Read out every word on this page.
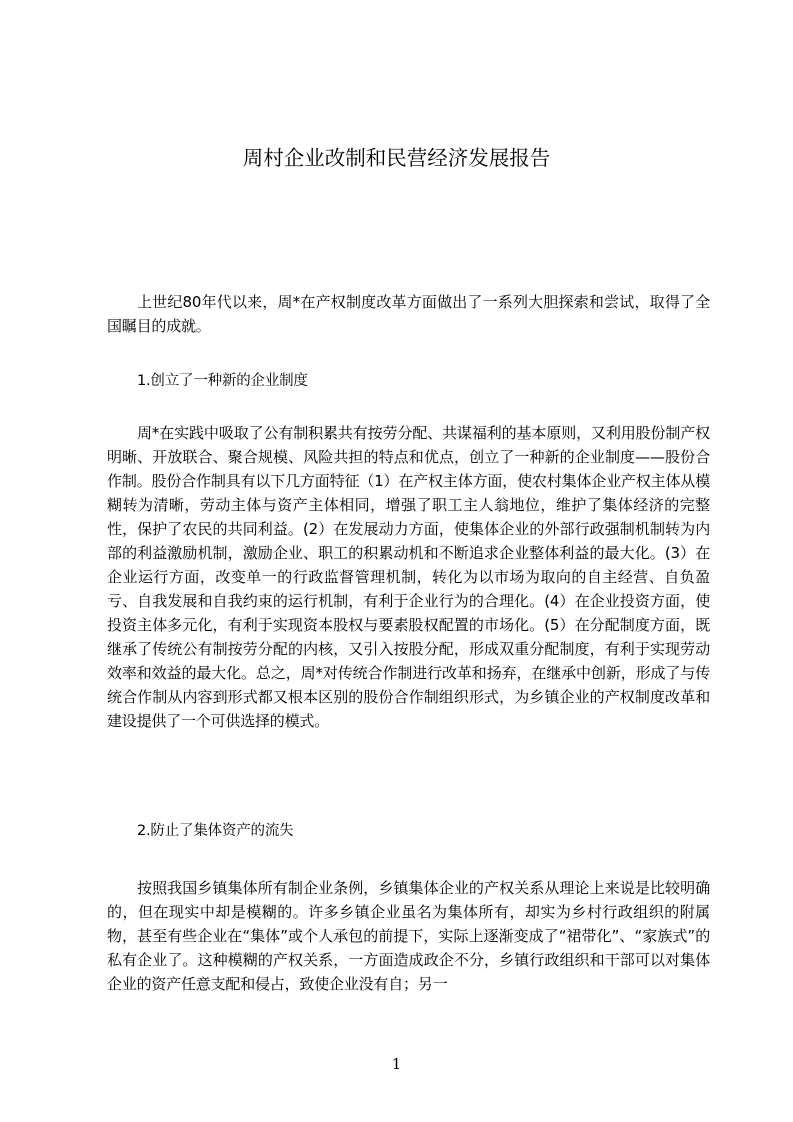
周村企业改制和民营经济发展报告

上世纪80年代以来，周*在产权制度改革方面做出了一系列大胆探索和尝试，取得了全国瞩目的成就。

1.创立了一种新的企业制度

周*在实践中吸取了公有制积累共有按劳分配、共谋福利的基本原则，又利用股份制产权明晰、开放联合、聚合规模、风险共担的特点和优点，创立了一种新的企业制度——股份合作制。股份合作制具有以下几方面特征（1）在产权主体方面，使农村集体企业产权主体从模糊转为清晰，劳动主体与资产主体相同，增强了职工主人翁地位，维护了集体经济的完整性，保护了农民的共同利益。(2）在发展动力方面，使集体企业的外部行政强制机制转为内部的利益激励机制，激励企业、职工的积累动机和不断追求企业整体利益的最大化。(3）在企业运行方面，改变单一的行政监督管理机制，转化为以市场为取向的自主经营、自负盈亏、自我发展和自我约束的运行机制，有利于企业行为的合理化。(4）在企业投资方面，使投资主体多元化，有利于实现资本股权与要素股权配置的市场化。(5）在分配制度方面，既继承了传统公有制按劳分配的内核，又引入按股分配，形成双重分配制度，有利于实现劳动效率和效益的最大化。总之，周*对传统合作制进行改革和扬弃，在继承中创新，形成了与传统合作制从内容到形式都又根本区别的股份合作制组织形式，为乡镇企业的产权制度改革和建设提供了一个可供选择的模式。

2.防止了集体资产的流失

按照我国乡镇集体所有制企业条例，乡镇集体企业的产权关系从理论上来说是比较明确的，但在现实中却是模糊的。许多乡镇企业虽名为集体所有，却实为乡村行政组织的附属物，甚至有些企业在“集体”或个人承包的前提下，实际上逐渐变成了“裙带化”、“家族式”的私有企业了。这种模糊的产权关系，一方面造成政企不分，乡镇行政组织和干部可以对集体企业的资产任意支配和侵占，致使企业没有自；另一

1
